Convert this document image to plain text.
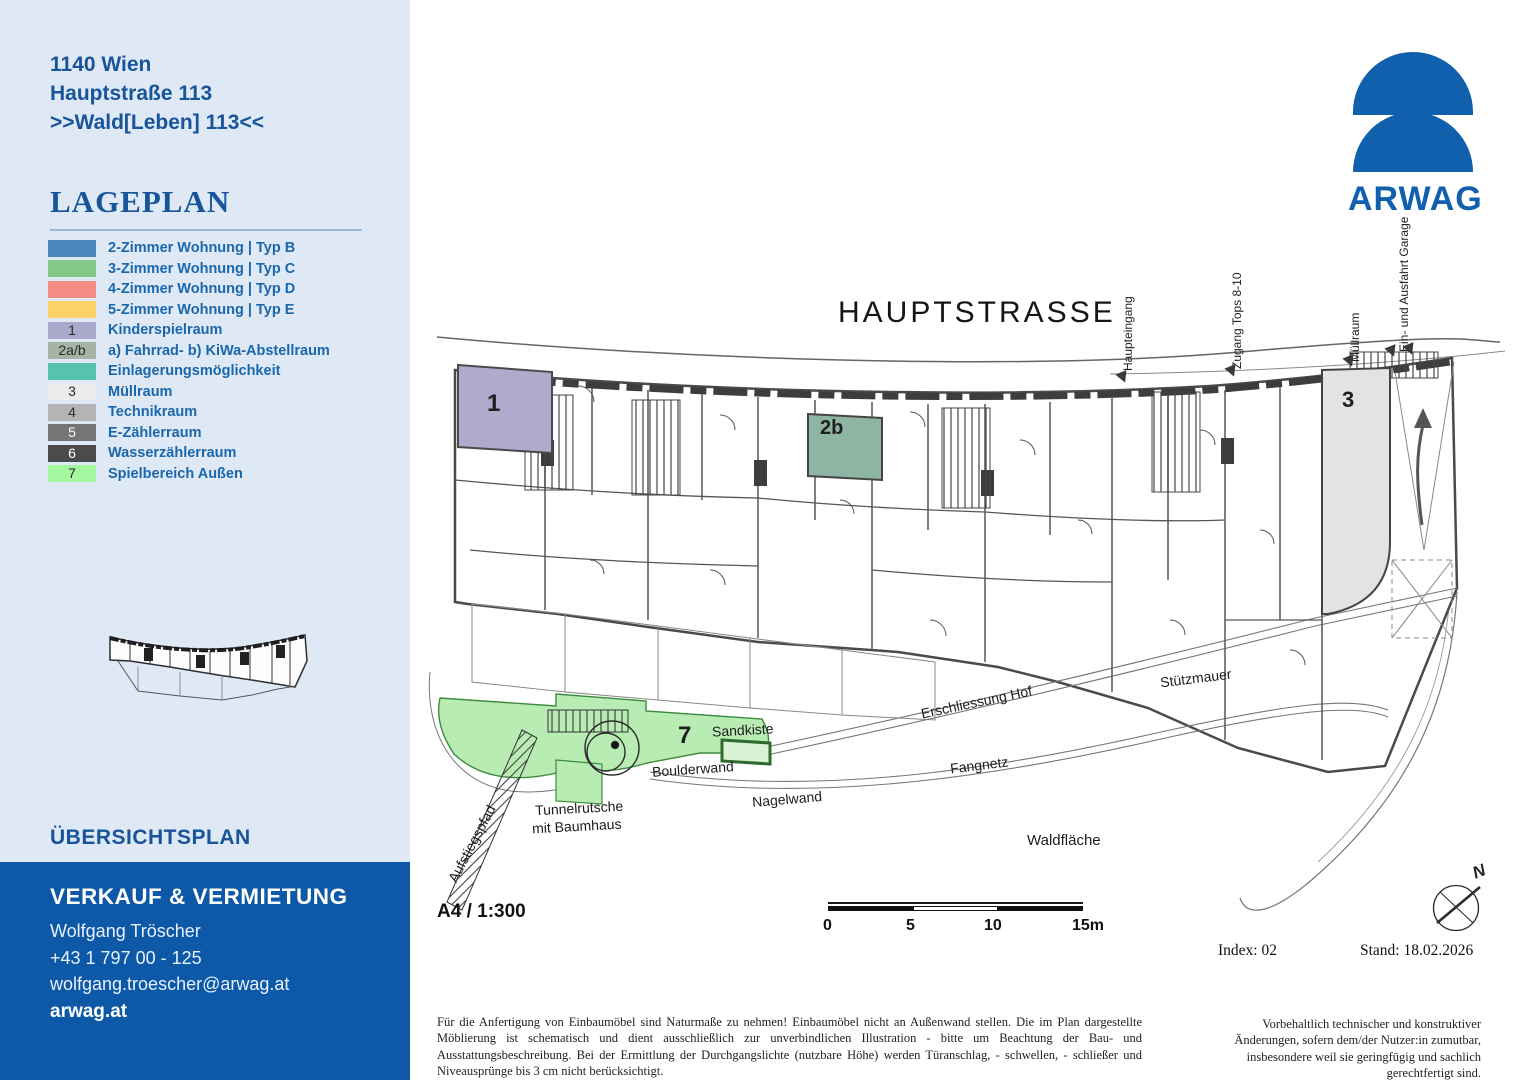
1140 Wien
Hauptstraße 113
>>Wald[Leben] 113<<
LAGEPLAN
2-Zimmer Wohnung | Typ B
3-Zimmer Wohnung | Typ C
4-Zimmer Wohnung | Typ D
5-Zimmer Wohnung | Typ E
1	Kinderspielraum
2a/b	a) Fahrrad- b) KiWa-Abstellraum
Einlagerungsmöglichkeit
3	Müllraum
4	Technikraum
5	E-Zählerraum
6	Wasserzählerraum
7	Spielbereich Außen
ÜBERSICHTSPLAN
VERKAUF & VERMIETUNG
Wolfgang Tröscher
+43 1 797 00 - 125
wolfgang.troescher@arwag.at
arwag.at
ARWAG
HAUPTSTRASSE Haupteingang	Zugang Tops 8-10	Müllraum	Ein- und Ausfahrt Garage
1
2b
3
7 Sandkiste
Boulderwand
Nagelwand
Tunnelrutsche
mit Baumhaus
Aufstiegspfad
Erschliessung Hof
Stützmauer
Fangnetz
Waldfläche
A4 / 1:300
0	5	10	15m
N
Index: 02	Stand: 18.02.2026
Für die Anfertigung von Einbaumöbel sind Naturmaße zu nehmen! Einbaumöbel nicht an Außenwand stellen. Die im Plan dargestellte Möblierung ist schematisch und dient ausschließlich zur unverbindlichen Illustration - bitte um Beachtung der Bau- und Ausstattungsbeschreibung. Bei der Ermittlung der Durchgangslichte (nutzbare Höhe) werden Türanschlag, - schwellen, - schließer und Niveausprünge bis 3 cm nicht berücksichtigt.
Vorbehaltlich technischer und konstruktiver Änderungen, sofern dem/der Nutzer:in zumutbar, insbesondere weil sie geringfügig und sachlich gerechtfertigt sind.
